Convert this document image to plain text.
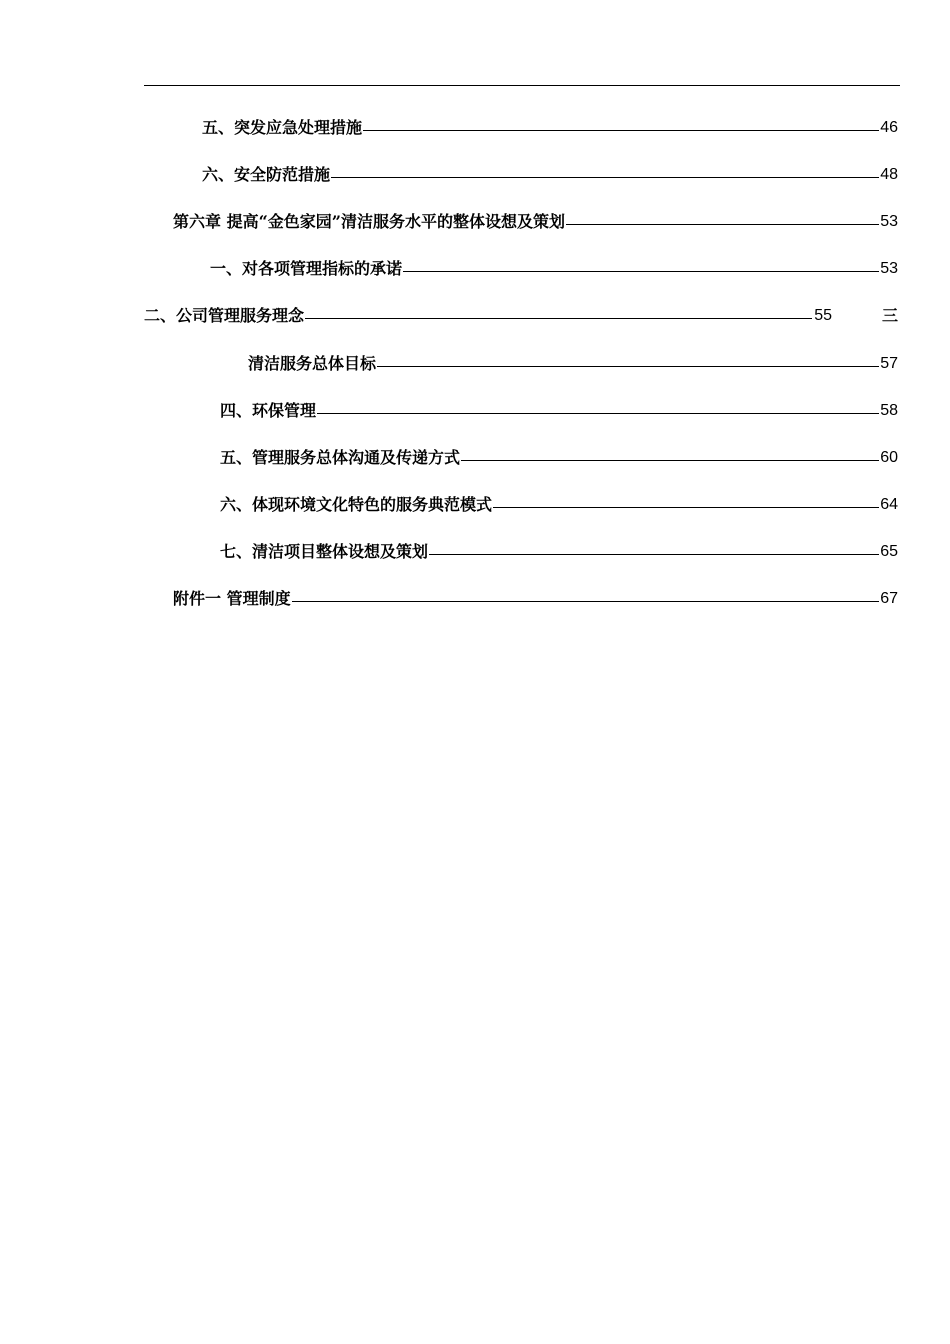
五、突发应急处理措施	46
六、安全防范措施	48
第六章 提高“金色家园”清洁服务水平的整体设想及策划	53
一、对各项管理指标的承诺	53
二、公司管理服务理念	55	三
清洁服务总体目标	57
四、环保管理	58
五、管理服务总体沟通及传递方式	60
六、体现环境文化特色的服务典范模式	64
七、清洁项目整体设想及策划	65
附件一 管理制度	67
